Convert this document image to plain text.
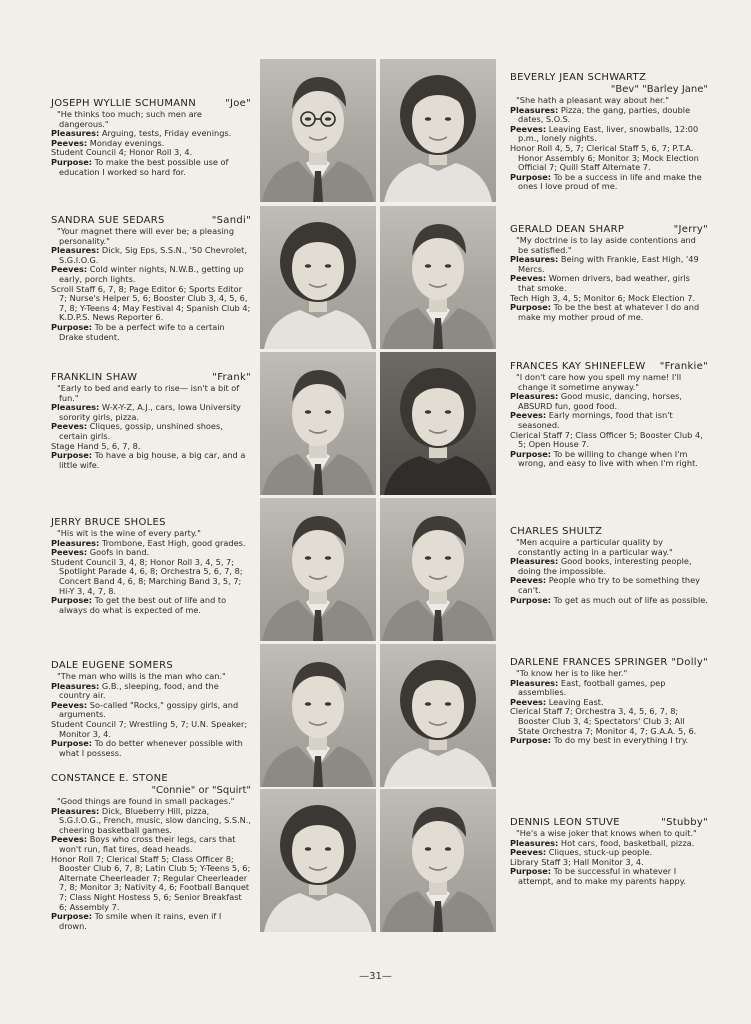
JOSEPH WYLLIE SCHUMANN	"Joe"
"He thinks too much; such men are dangerous."
Pleasures: Arguing, tests, Friday evenings.
Peeves: Monday evenings.
Student Council 4; Honor Roll 3, 4.
Purpose: To make the best possible use of education I worked so hard for.
SANDRA SUE SEDARS	"Sandi"
"Your magnet there will ever be; a pleasing personality."
Pleasures: Dick, Sig Eps, S.S.N., '50 Chevrolet, S.G.I.O.G.
Peeves: Cold winter nights, N.W.B., getting up early, porch lights.
Scroll Staff 6, 7, 8; Page Editor 6; Sports Editor 7; Nurse's Helper 5, 6; Booster Club 3, 4, 5, 6, 7, 8; Y-Teens 4; May Festival 4; Spanish Club 4; K.D.P.S. News Reporter 6.
Purpose: To be a perfect wife to a certain Drake student.
FRANKLIN SHAW	"Frank"
"Early to bed and early to rise— isn't a bit of fun."
Pleasures: W-X-Y-Z, A.J., cars, Iowa University sorority girls, pizza.
Peeves: Cliques, gossip, unshined shoes, certain girls.
Stage Hand 5, 6, 7, 8.
Purpose: To have a big house, a big car, and a little wife.
JERRY BRUCE SHOLES
"His wit is the wine of every party."
Pleasures: Trombone, East High, good grades.
Peeves: Goofs in band.
Student Council 3, 4, 8; Honor Roll 3, 4, 5, 7; Spotlight Parade 4, 6, 8; Orchestra 5, 6, 7, 8; Concert Band 4, 6, 8; Marching Band 3, 5, 7; Hi-Y 3, 4, 7, 8.
Purpose: To get the best out of life and to always do what is expected of me.
DALE EUGENE SOMERS
"The man who wills is the man who can."
Pleasures: G.B., sleeping, food, and the country air.
Peeves: So-called "Rocks," gossipy girls, and arguments.
Student Council 7; Wrestling 5, 7; U.N. Speaker; Monitor 3, 4.
Purpose: To do better whenever possible with what I possess.
CONSTANCE E. STONE
"Connie" or "Squirt"
"Good things are found in small packages."
Pleasures: Dick, Blueberry Hill, pizza, S.G.I.O.G., French, music, slow dancing, S.S.N., cheering basketball games.
Peeves: Boys who cross their legs, cars that won't run, flat tires, dead heads.
Honor Roll 7; Clerical Staff 5; Class Officer 8; Booster Club 6, 7, 8; Latin Club 5; Y-Teens 5, 6; Alternate Cheerleader 7; Regular Cheerleader 7, 8; Monitor 3; Nativity 4, 6; Football Banquet 7; Class Night Hostess 5, 6; Senior Breakfast 6; Assembly 7.
Purpose: To smile when it rains, even if I drown.
BEVERLY JEAN SCHWARTZ
"Bev" "Barley Jane"
"She hath a pleasant way about her."
Pleasures: Pizza, the gang, parties, double dates, S.O.S.
Peeves: Leaving East, liver, snowballs, 12:00 p.m., lonely nights.
Honor Roll 4, 5, 7; Clerical Staff 5, 6, 7; P.T.A. Honor Assembly 6; Monitor 3; Mock Election Official 7; Quill Staff Alternate 7.
Purpose: To be a success in life and make the ones I love proud of me.
GERALD DEAN SHARP	"Jerry"
"My doctrine is to lay aside contentions and be satisfied."
Pleasures: Being with Frankie, East High, '49 Mercs.
Peeves: Women drivers, bad weather, girls that smoke.
Tech High 3, 4, 5; Monitor 6; Mock Election 7.
Purpose: To be the best at whatever I do and make my mother proud of me.
FRANCES KAY SHINEFLEW "Frankie"
"I don't care how you spell my name! I'll change it sometime anyway."
Pleasures: Good music, dancing, horses, ABSURD fun, good food.
Peeves: Early mornings, food that isn't seasoned.
Clerical Staff 7; Class Officer 5; Booster Club 4, 5; Open House 7.
Purpose: To be willing to change when I'm wrong, and easy to live with when I'm right.
CHARLES SHULTZ
"Men acquire a particular quality by constantly acting in a particular way."
Pleasures: Good books, interesting people, doing the impossible.
Peeves: People who try to be something they can't.
Purpose: To get as much out of life as possible.
DARLENE FRANCES SPRINGER "Dolly"
"To know her is to like her."
Pleasures: East, football games, pep assemblies.
Peeves: Leaving East.
Clerical Staff 7; Orchestra 3, 4, 5, 6, 7, 8; Booster Club 3, 4; Spectators' Club 3; All State Orchestra 7; Monitor 4, 7; G.A.A. 5, 6.
Purpose: To do my best in everything I try.
DENNIS LEON STUVE	"Stubby"
"He's a wise joker that knows when to quit."
Pleasures: Hot cars, food, basketball, pizza.
Peeves: Cliques, stuck-up people.
Library Staff 3; Hall Monitor 3, 4.
Purpose: To be successful in whatever I attempt, and to make my parents happy.
—31—
